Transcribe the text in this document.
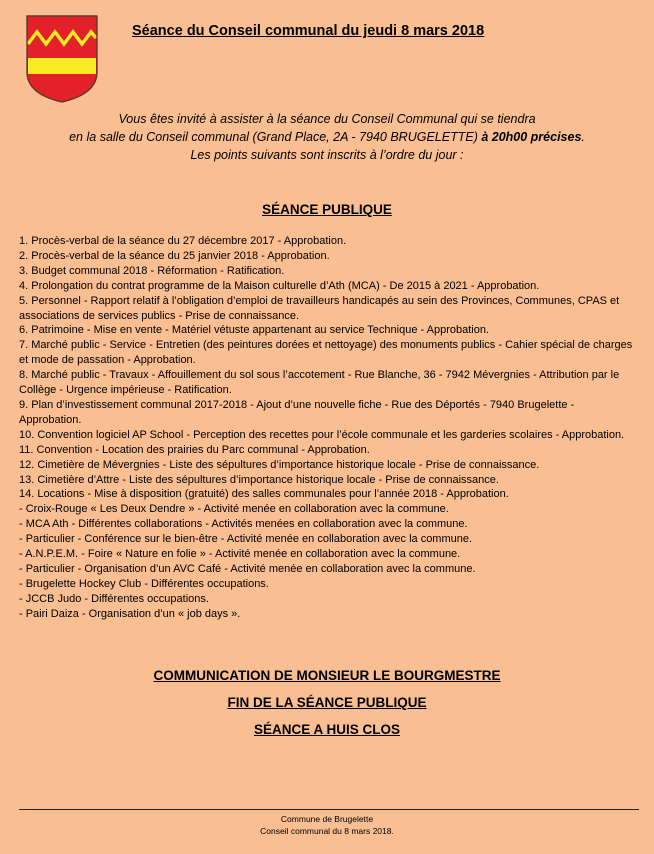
Séance du Conseil communal du jeudi 8 mars 2018
Vous êtes invité à assister à la séance du Conseil Communal qui se tiendra
en la salle du Conseil communal (Grand Place, 2A - 7940 BRUGELETTE) à 20h00 précises.
Les points suivants sont inscrits à l’ordre du jour :
SÉANCE PUBLIQUE
1. Procès-verbal de la séance du 27 décembre 2017 - Approbation.
2. Procès-verbal de la séance du 25 janvier 2018 - Approbation.
3. Budget communal 2018 - Réformation - Ratification.
4. Prolongation du contrat programme de la Maison culturelle d’Ath (MCA) - De 2015 à 2021 - Approbation.
5. Personnel - Rapport relatif à l’obligation d’emploi de travailleurs handicapés au sein des Provinces, Communes, CPAS et associations de services publics - Prise de connaissance.
6. Patrimoine - Mise en vente - Matériel vétuste appartenant au service Technique - Approbation.
7. Marché public - Service - Entretien (des peintures dorées et nettoyage) des monuments publics - Cahier spécial de charges et mode de passation - Approbation.
8. Marché public - Travaux - Affouillement du sol sous l’accotement - Rue Blanche, 36 - 7942 Mévergnies - Attribution par le Collège - Urgence impérieuse - Ratification.
9. Plan d’investissement communal 2017-2018 - Ajout d’une nouvelle fiche - Rue des Déportés - 7940 Brugelette - Approbation.
10. Convention logiciel AP School - Perception des recettes pour l’école communale et les garderies scolaires - Approbation.
11. Convention - Location des prairies du Parc communal - Approbation.
12. Cimetière de Mévergnies - Liste des sépultures d’importance historique locale - Prise de connaissance.
13. Cimetière d’Attre - Liste des sépultures d’importance historique locale - Prise de connaissance.
14. Locations - Mise à disposition (gratuité) des salles communales pour l’année 2018 - Approbation.
- Croix-Rouge « Les Deux Dendre » - Activité menée en collaboration avec la commune.
- MCA Ath - Différentes collaborations - Activités menées en collaboration avec la commune.
- Particulier - Conférence sur le bien-être - Activité menée en collaboration avec la commune.
- A.N.P.E.M. - Foire « Nature en folie » - Activité menée en collaboration avec la commune.
- Particulier - Organisation d’un AVC Café - Activité menée en collaboration avec la commune.
- Brugelette Hockey Club - Différentes occupations.
- JCCB Judo - Différentes occupations.
- Pairi Daiza - Organisation d’un « job days ».
COMMUNICATION DE MONSIEUR LE BOURGMESTRE
FIN DE LA SÉANCE PUBLIQUE
SÉANCE A HUIS CLOS
Commune de Brugelette
Conseil communal du 8 mars 2018.
